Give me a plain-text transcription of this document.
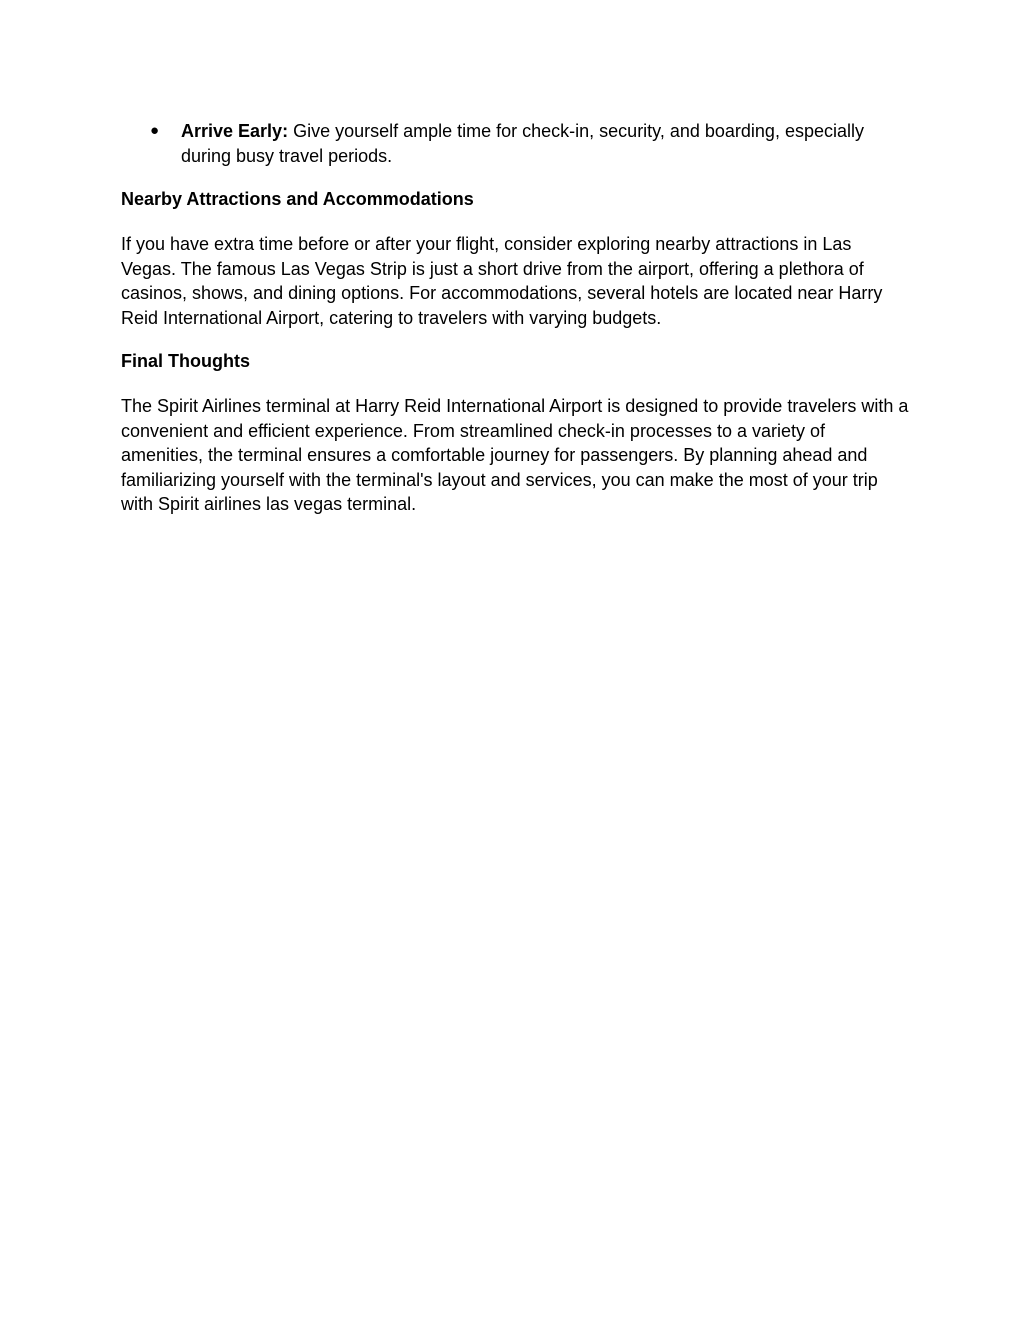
● Arrive Early: Give yourself ample time for check-in, security, and boarding, especially during busy travel periods.
Nearby Attractions and Accommodations

If you have extra time before or after your flight, consider exploring nearby attractions in Las Vegas. The famous Las Vegas Strip is just a short drive from the airport, offering a plethora of casinos, shows, and dining options. For accommodations, several hotels are located near Harry Reid International Airport, catering to travelers with varying budgets.

Final Thoughts

The Spirit Airlines terminal at Harry Reid International Airport is designed to provide travelers with a convenient and efficient experience. From streamlined check-in processes to a variety of amenities, the terminal ensures a comfortable journey for passengers. By planning ahead and familiarizing yourself with the terminal's layout and services, you can make the most of your trip with Spirit airlines las vegas terminal.
